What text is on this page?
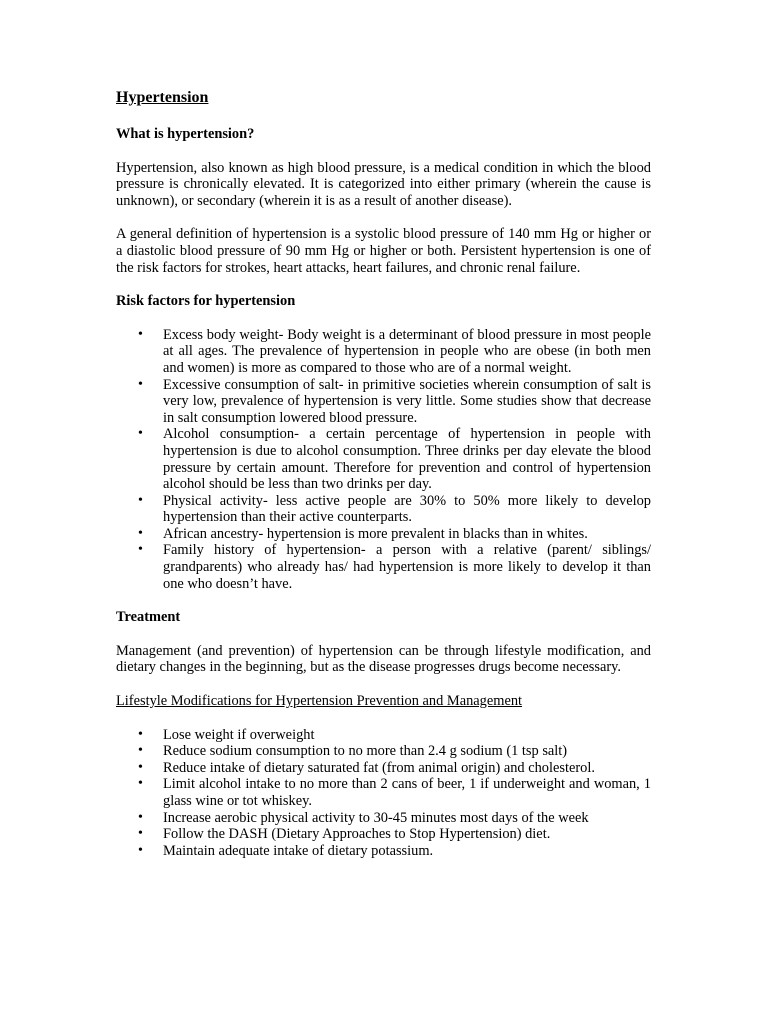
Hypertension
What is hypertension?

Hypertension, also known as high blood pressure, is a medical condition in which the blood pressure is chronically elevated. It is categorized into either primary (wherein the cause is unknown), or secondary (wherein it is as a result of another disease).

A general definition of hypertension is a systolic blood pressure of 140 mm Hg or higher or a diastolic blood pressure of 90 mm Hg or higher or both. Persistent hypertension is one of the risk factors for strokes, heart attacks, heart failures, and chronic renal failure.

Risk factors for hypertension
• Excess body weight- Body weight is a determinant of blood pressure in most people at all ages. The prevalence of hypertension in people who are obese (in both men and women) is more as compared to those who are of a normal weight.
• Excessive consumption of salt- in primitive societies wherein consumption of salt is very low, prevalence of hypertension is very little. Some studies show that decrease in salt consumption lowered blood pressure.
• Alcohol consumption- a certain percentage of hypertension in people with hypertension is due to alcohol consumption. Three drinks per day elevate the blood pressure by certain amount. Therefore for prevention and control of hypertension alcohol should be less than two drinks per day.
• Physical activity- less active people are 30% to 50% more likely to develop hypertension than their active counterparts.
• African ancestry- hypertension is more prevalent in blacks than in whites.
• Family history of hypertension- a person with a relative (parent/ siblings/ grandparents) who already has/ had hypertension is more likely to develop it than one who doesn’t have.
Treatment

Management (and prevention) of hypertension can be through lifestyle modification, and dietary changes in the beginning, but as the disease progresses drugs become necessary.

Lifestyle Modifications for Hypertension Prevention and Management

• Lose weight if overweight
• Reduce sodium consumption to no more than 2.4 g sodium (1 tsp salt)
• Reduce intake of dietary saturated fat (from animal origin) and cholesterol.
• Limit alcohol intake to no more than 2 cans of beer, 1 if underweight and woman, 1 glass wine or tot whiskey.
• Increase aerobic physical activity to 30-45 minutes most days of the week
• Follow the DASH (Dietary Approaches to Stop Hypertension) diet.
• Maintain adequate intake of dietary potassium.
